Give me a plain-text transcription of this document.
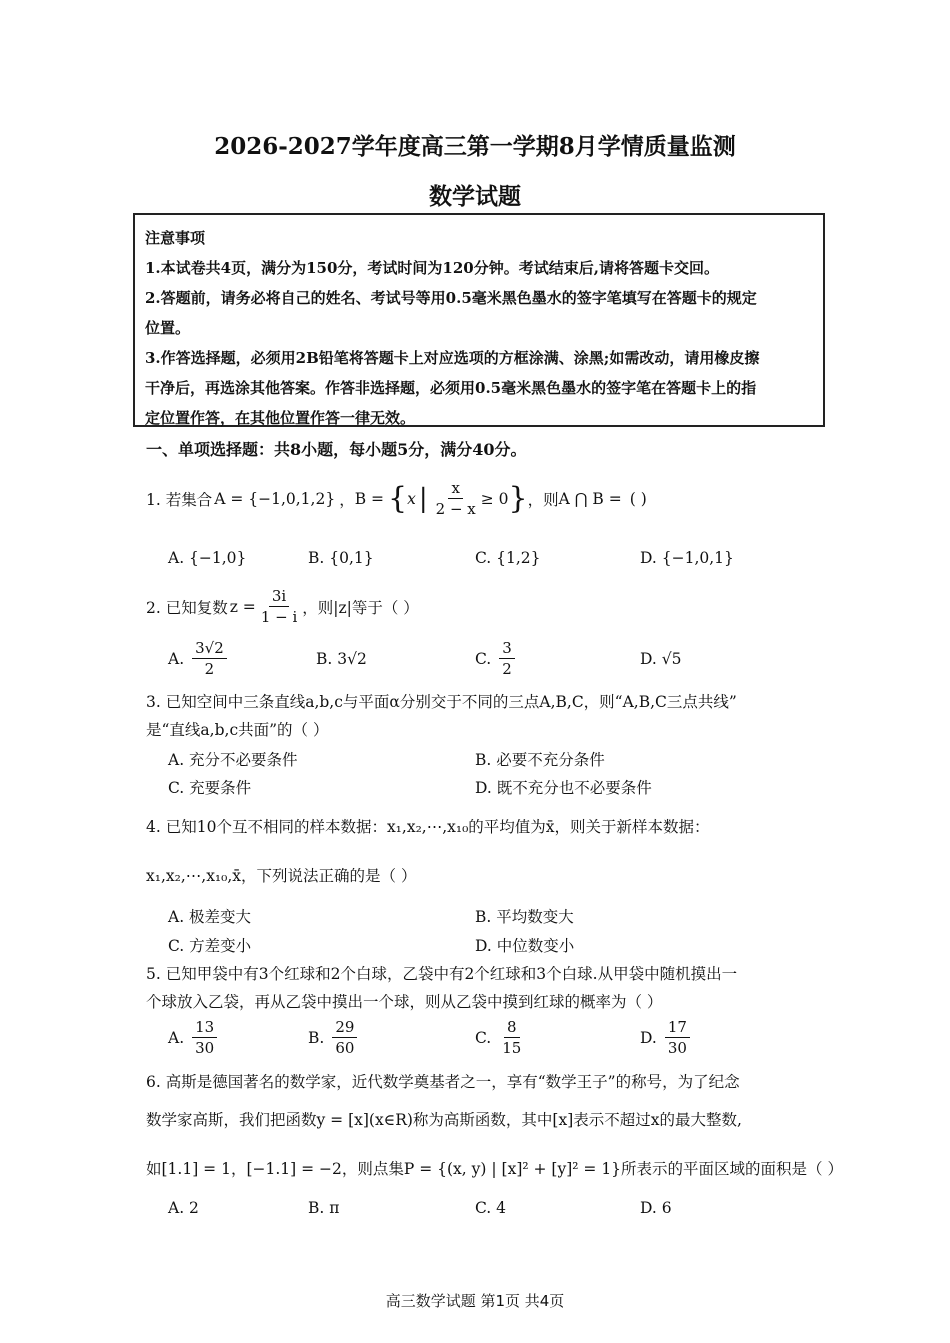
2026-2027学年度高三第一学期8月学情质量监测
数学试题

注意事项

1.本试卷共4页，满分为150分，考试时间为120分钟。考试结束后,请将答题卡交回。

2.答题前，请务必将自己的姓名、考试号等用0.5毫米黑色墨水的签字笔填写在答题卡的规定

位置。

3.作答选择题，必须用2B铅笔将答题卡上对应选项的方框涂满、涂黑;如需改动，请用橡皮擦

干净后，再选涂其他答案。作答非选择题，必须用0.5毫米黑色墨水的签字笔在答题卡上的指

定位置作答，在其他位置作答一律无效。

一、单项选择题：共8小题，每小题5分，满分40分。
1. 若集合 A = {−1,0,1,2} ， B = { x | $\frac{x}{2 - x} \ge 0$ } ，则 A ⋂ B = ( )
A. {−1,0}	B. {0,1}	C. {1,2}	D. {−1,0,1}
2. 已知复数 $z = \frac{3i}{1 - i}$ ，则|z|等于（ ）
A. $\frac{3√2}{2}$	B. 3√2	C. $\frac{3}{2}$	D. √5
3. 已知空间中三条直线a,b,c与平面α分别交于不同的三点A,B,C，则“A,B,C三点共线”
是“直线a,b,c共面”的（ ）
A. 充分不必要条件	B. 必要不充分条件
C. 充要条件	D. 既不充分也不必要条件
4. 已知10个互不相同的样本数据：x₁,x₂,⋯,x₁₀的平均值为x̄，则关于新样本数据：
x₁,x₂,⋯,x₁₀,x̄，下列说法正确的是（ ）
A. 极差变大	B. 平均数变大
C. 方差变小	D. 中位数变小
5. 已知甲袋中有3个红球和2个白球，乙袋中有2个红球和3个白球.从甲袋中随机摸出一
个球放入乙袋，再从乙袋中摸出一个球，则从乙袋中摸到红球的概率为（ ）
A. $\frac{13}{30}$	B. $\frac{29}{60}$	C. $\frac{8}{15}$	D. $\frac{17}{30}$
6. 高斯是德国著名的数学家，近代数学奠基者之一，享有“数学王子”的称号，为了纪念
数学家高斯，我们把函数y = [x](x∈R)称为高斯函数，其中[x]表示不超过x的最大整数,
如[1.1] = 1，[−1.1] = −2，则点集P = {(x, y) | [x]² + [y]² = 1}所表示的平面区域的面积是（ ）
A. 2	B. π	C. 4	D. 6
高三数学试题 第1页 共4页
